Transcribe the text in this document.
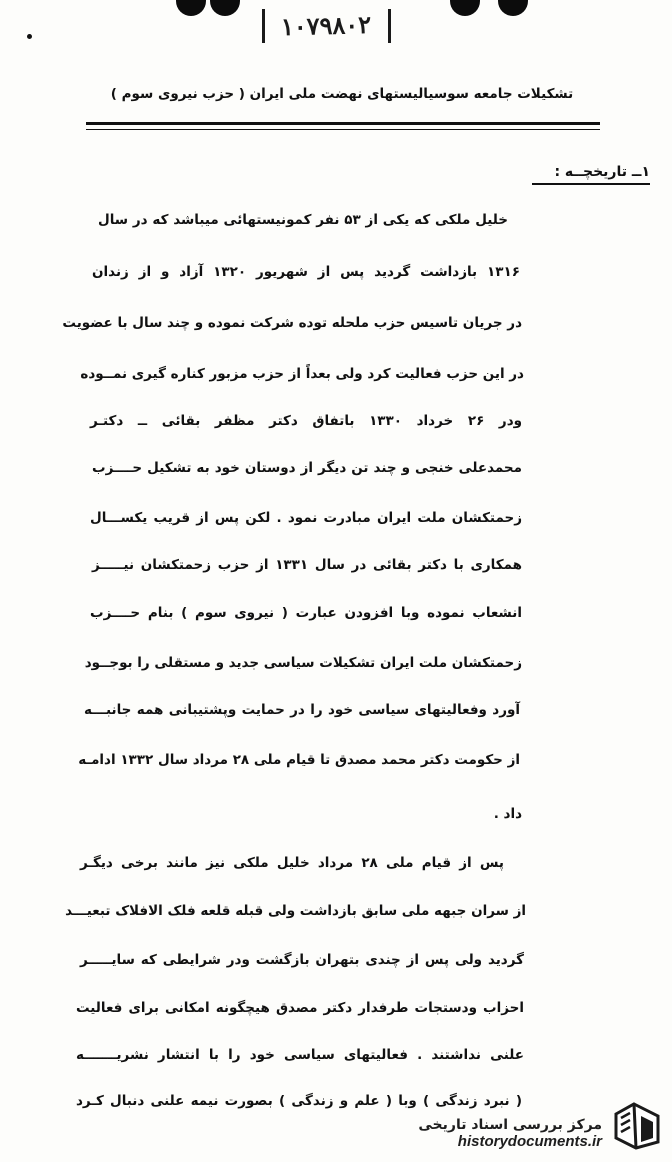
۱۰۷۹۸۰۲
تشکیلات جامعه سوسیالیستهای نهضت ملی ایران ( حزب نیروی سوم )
۱ــ تاریخچــه :
خلیل ملکی که یکی از ۵۳ نفر کمونیستهائی میباشد که در سال
۱۳۱۶ بازداشت گردید پس از شهریور ۱۳۲۰ آزاد و از زندان
در جریان تاسیس حزب ملحله توده شرکت نموده و چند سال با عضویت
در این حزب فعالیت کرد ولی بعداً از حزب مزبور کناره گیری نمــوده
ودر ۲۶ خرداد ۱۳۳۰ باتفاق دکتر مظفر بقائی ــ دکتـر
محمدعلی خنجی و چند تن دیگر از دوستان خود به تشکیل حــــزب
زحمتکشان ملت ایران مبادرت نمود . لکن پس از قریب یکســـال
همکاری با دکتر بقائی در سال ۱۳۳۱ از حزب زحمتکشان نیـــــز
انشعاب نموده وبا افزودن عبارت ( نیروی سوم ) بنام حــــزب
زحمتکشان ملت ایران تشکیلات سیاسی جدید و مستقلی را بوجــود
آورد وفعالیتهای سیاسی خود را در حمایت وپشتیبانی همه جانبـــه
از حکومت دکتر محمد مصدق تا قیام ملی ۲۸ مرداد سال ۱۳۳۲ ادامـه
داد .
پس از قیام ملی ۲۸ مرداد خلیل ملکی نیز مانند برخی دیگـر
از سران جبهه ملی سابق بازداشت ولی قبله قلعه فلک الافلاک تبعیـــد
گردید ولی پس از چندی بتهران بازگشت ودر شرایطی که سایـــــر
احزاب ودستجات طرفدار دکتر مصدق هیچگونه امکانی برای فعالیت
علنی نداشتند . فعالیتهای سیاسی خود را با انتشار نشریـــــــه
( نبرد زندگی ) وبا ( علم و زندگی ) بصورت نیمه علنی دنبال کـرد
مرکز بررسی اسناد تاریخی
historydocuments.ir
